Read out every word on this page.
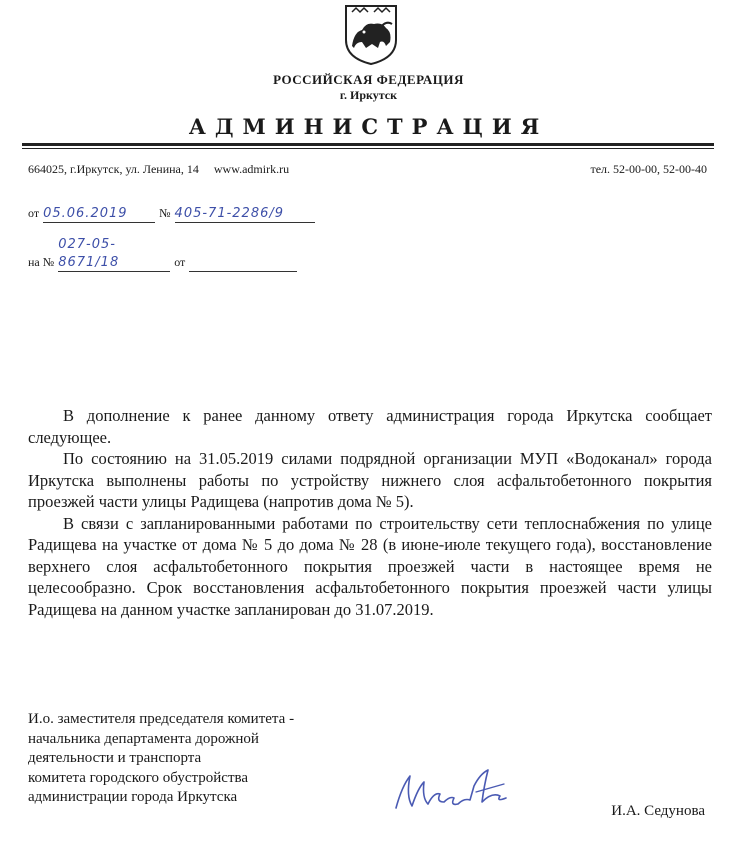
РОССИЙСКАЯ ФЕДЕРАЦИЯ
г. Иркутск
АДМИНИСТРАЦИЯ
664025, г.Иркутск, ул. Ленина, 14 www.admirk.ru	тел. 52-00-00, 52-00-40
от 05.06.2019	№ 405-71-2286/9
на № 027-05-8671/18	от

В дополнение к ранее данному ответу администрация города Иркутска сообщает следующее.

По состоянию на 31.05.2019 силами подрядной организации МУП «Водоканал» города Иркутска выполнены работы по устройству нижнего слоя асфальтобетонного покрытия проезжей части улицы Радищева (напротив дома № 5).

В связи с запланированными работами по строительству сети теплоснабжения по улице Радищева на участке от дома № 5 до дома № 28 (в июне-июле текущего года), восстановление верхнего слоя асфальтобетонного покрытия проезжей части в настоящее время не целесообразно. Срок восстановления асфальтобетонного покрытия проезжей части улицы Радищева на данном участке запланирован до 31.07.2019.

И.о. заместителя председателя комитета -
начальника департамента дорожной
деятельности и транспорта
комитета городского обустройства
администрации города Иркутска
И.А. Седунова
